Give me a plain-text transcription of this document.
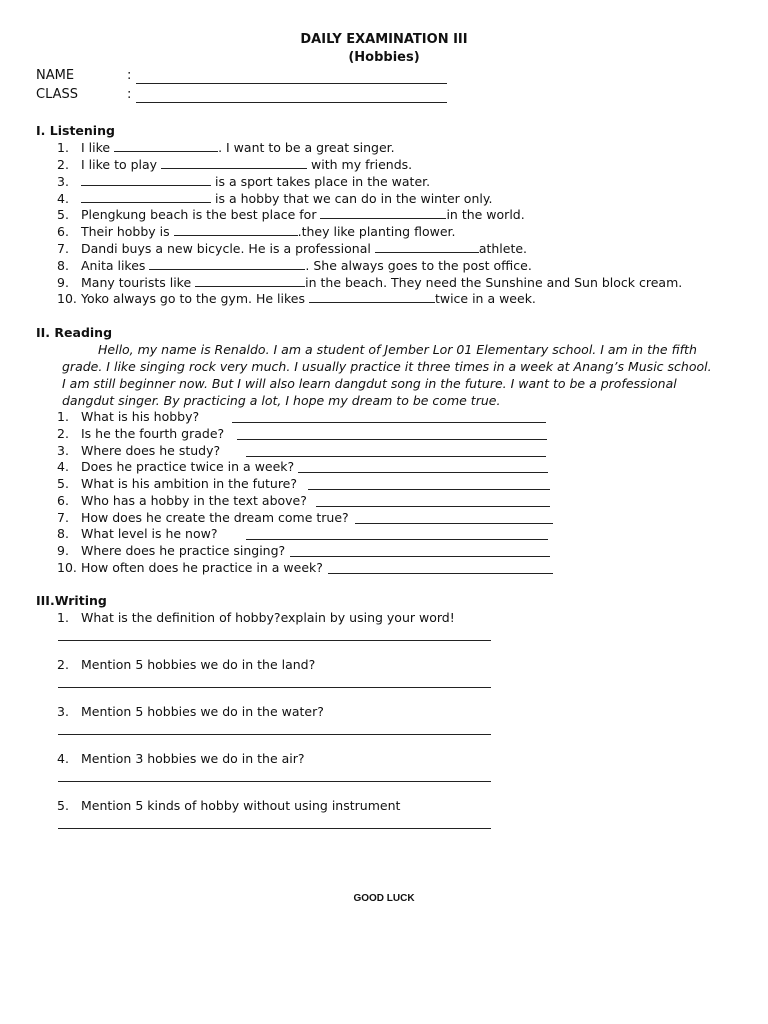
DAILY EXAMINATION III
(Hobbies)
NAME	:
CLASS	:
I. Listening
1. I like	. I want to be a great singer.
2. I like to play	with my friends.
3.	is a sport takes place in the water.
4.	is a hobby that we can do in the winter only.
5. Plengkung beach is the best place for	in the world.
6. Their hobby is	.they like planting flower.
7. Dandi buys a new bicycle. He is a professional	athlete.
8. Anita likes	. She always goes to the post office.
9. Many tourists like	in the beach. They need the Sunshine and Sun block cream.
10. Yoko always go to the gym. He likes	twice in a week.
II. Reading
Hello, my name is Renaldo. I am a student of Jember Lor 01 Elementary school. I am in the fifth
grade. I like singing rock very much. I usually practice it three times in a week at Anang’s Music school.
I am still beginner now. But I will also learn dangdut song in the future. I want to be a professional
dangdut singer. By practicing a lot, I hope my dream to be come true.
1. What is his hobby?
2. Is he the fourth grade?
3. Where does he study?
4. Does he practice twice in a week?
5. What is his ambition in the future?
6. Who has a hobby in the text above?
7. How does he create the dream come true?
8. What level is he now?
9. Where does he practice singing?
10. How often does he practice in a week?
III.Writing
1. What is the definition of hobby?explain by using your word!
2. Mention 5 hobbies we do in the land?
3. Mention 5 hobbies we do in the water?
4. Mention 3 hobbies we do in the air?
5. Mention 5 kinds of hobby without using instrument
GOOD LUCK
